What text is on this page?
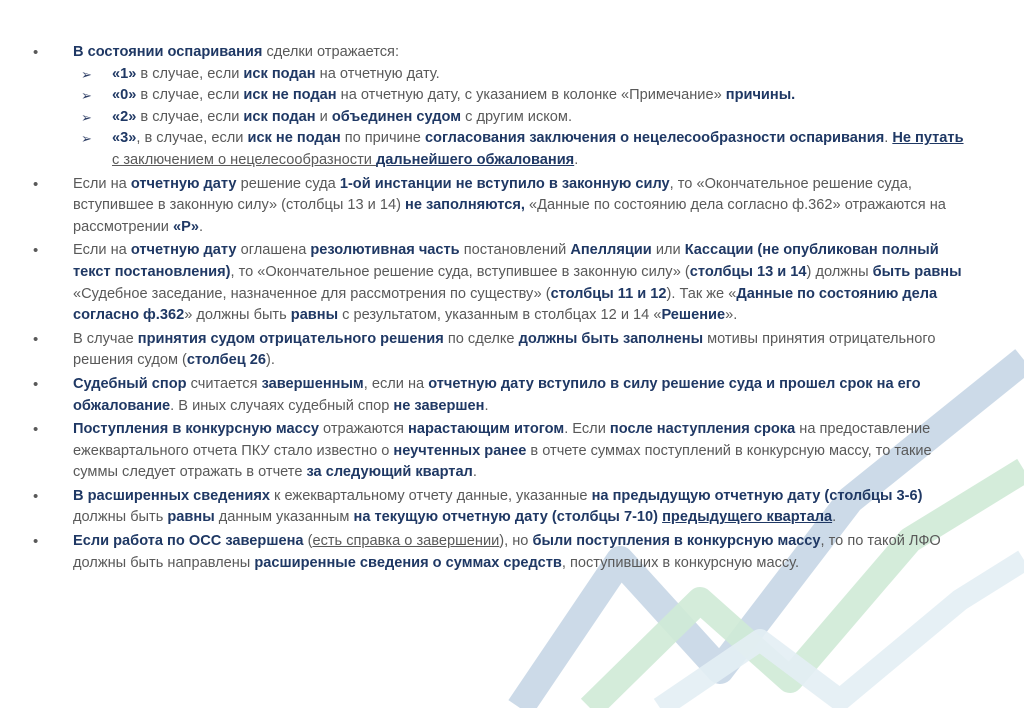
• В состоянии оспаривания сделки отражается:

➢ «1» в случае, если иск подан на отчетную дату.
➢ «0» в случае, если иск не подан на отчетную дату, с указанием в колонке «Примечание» причины.
➢ «2» в случае, если иск подан и объединен судом с другим иском.
➢ «3», в случае, если иск не подан по причине согласования заключения о нецелесообразности оспаривания. Не путать с заключением о нецелесообразности дальнейшего обжалования.
• Если на отчетную дату решение суда 1-ой инстанции не вступило в законную силу, то «Окончательное решение суда, вступившее в законную силу» (столбцы 13 и 14) не заполняются, «Данные по состоянию дела согласно ф.362» отражаются на рассмотрении «Р».
• Если на отчетную дату оглашена резолютивная часть постановлений Апелляции или Кассации (не опубликован полный текст постановления), то «Окончательное решение суда, вступившее в законную силу» (столбцы 13 и 14) должны быть равны «Судебное заседание, назначенное для рассмотрения по существу» (столбцы 11 и 12). Так же «Данные по состоянию дела согласно ф.362» должны быть равны с результатом, указанным в столбцах 12 и 14 «Решение».
• В случае принятия судом отрицательного решения по сделке должны быть заполнены мотивы принятия отрицательного решения судом (столбец 26).
• Судебный спор считается завершенным, если на отчетную дату вступило в силу решение суда и прошел срок на его обжалование. В иных случаях судебный спор не завершен.
• Поступления в конкурсную массу отражаются нарастающим итогом. Если после наступления срока на предоставление ежеквартального отчета ПКУ стало известно о неучтенных ранее в отчете суммах поступлений в конкурсную массу, то такие суммы следует отражать в отчете за следующий квартал.
• В расширенных сведениях к ежеквартальному отчету данные, указанные на предыдущую отчетную дату (столбцы 3-6) должны быть равны данным указанным на текущую отчетную дату (столбцы 7-10) предыдущего квартала.
• Если работа по ОСС завершена (есть справка о завершении), но были поступления в конкурсную массу, то по такой ЛФО должны быть направлены расширенные сведения о суммах средств, поступивших в конкурсную массу.
